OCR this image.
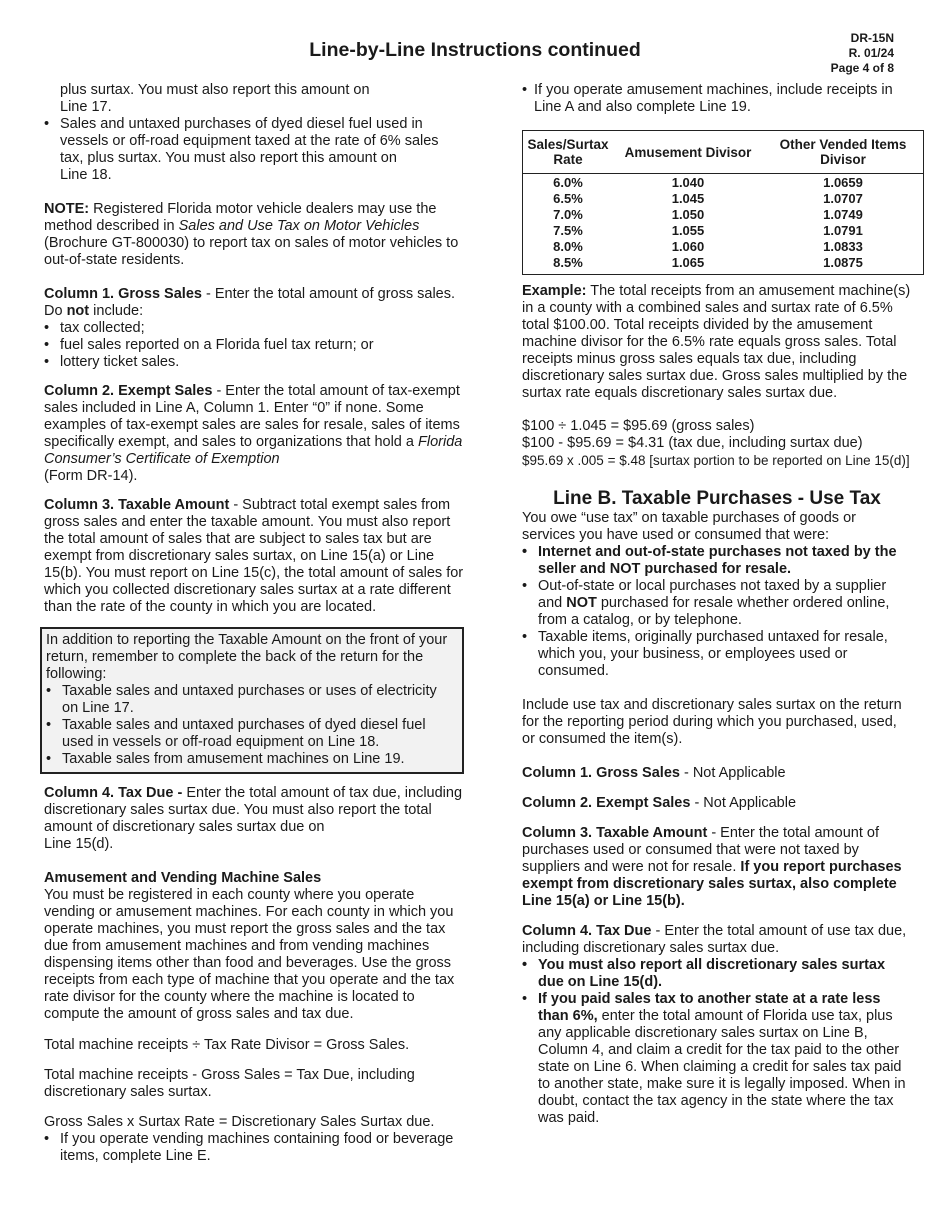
Line-by-Line Instructions continued
DR-15N
R. 01/24
Page 4 of 8
plus surtax. You must also report this amount on
Line 17.
• Sales and untaxed purchases of dyed diesel fuel used in vessels or off-road equipment taxed at the rate of 6% sales tax, plus surtax. You must also report this amount on
Line 18.

NOTE: Registered Florida motor vehicle dealers may use the method described in Sales and Use Tax on Motor Vehicles (Brochure GT-800030) to report tax on sales of motor vehicles to out-of-state residents.

Column 1. Gross Sales - Enter the total amount of gross sales. Do not include:

• tax collected;
• fuel sales reported on a Florida fuel tax return; or
• lottery ticket sales.

Column 2. Exempt Sales - Enter the total amount of tax-exempt sales included in Line A, Column 1. Enter “0” if none. Some examples of tax-exempt sales are sales for resale, sales of items specifically exempt, and sales to organizations that hold a Florida Consumer’s Certificate of Exemption
(Form DR-14).

Column 3. Taxable Amount - Subtract total exempt sales from gross sales and enter the taxable amount. You must also report the total amount of sales that are subject to sales tax but are exempt from discretionary sales surtax, on Line 15(a) or Line 15(b). You must report on Line 15(c), the total amount of sales for which you collected discretionary sales surtax at a rate different than the rate of the county in which you are located.

In addition to reporting the Taxable Amount on the front of your return, remember to complete the back of the return for the following:

• Taxable sales and untaxed purchases or uses of electricity on Line 17.
• Taxable sales and untaxed purchases of dyed diesel fuel used in vessels or off-road equipment on Line 18.
• Taxable sales from amusement machines on Line 19.

Column 4. Tax Due - Enter the total amount of tax due, including discretionary sales surtax due. You must also report the total amount of discretionary sales surtax due on
Line 15(d).

Amusement and Vending Machine Sales

You must be registered in each county where you operate vending or amusement machines. For each county in which you operate machines, you must report the gross sales and the tax due from amusement machines and from vending machines dispensing items other than food and beverages. Use the gross receipts from each type of machine that you operate and the tax rate divisor for the county where the machine is located to compute the amount of gross sales and tax due.

Total machine receipts ÷ Tax Rate Divisor = Gross Sales.

Total machine receipts - Gross Sales = Tax Due, including discretionary sales surtax.

Gross Sales x Surtax Rate = Discretionary Sales Surtax due.

• If you operate vending machines containing food or beverage items, complete Line E.
• If you operate amusement machines, include receipts in Line A and also complete Line 19.
Sales/Surtax Rate	Amusement Divisor	Other Vended Items Divisor
6.0%	1.040	1.0659
6.5%	1.045	1.0707
7.0%	1.050	1.0749
7.5%	1.055	1.0791
8.0%	1.060	1.0833
8.5%	1.065	1.0875

Example: The total receipts from an amusement machine(s) in a county with a combined sales and surtax rate of 6.5% total $100.00. Total receipts divided by the amusement machine divisor for the 6.5% rate equals gross sales. Total receipts minus gross sales equals tax due, including discretionary sales surtax due. Gross sales multiplied by the surtax rate equals discretionary sales surtax due.

$100 ÷ 1.045 = $95.69 (gross sales)

$100 - $95.69 = $4.31 (tax due, including surtax due)

$95.69 x .005 = $.48 [surtax portion to be reported on Line 15(d)]

Line B. Taxable Purchases - Use Tax

You owe “use tax” on taxable purchases of goods or services you have used or consumed that were:

• Internet and out-of-state purchases not taxed by the seller and NOT purchased for resale.
• Out-of-state or local purchases not taxed by a supplier and NOT purchased for resale whether ordered online, from a catalog, or by telephone.
• Taxable items, originally purchased untaxed for resale, which you, your business, or employees used or consumed.

Include use tax and discretionary sales surtax on the return for the reporting period during which you purchased, used, or consumed the item(s).

Column 1. Gross Sales - Not Applicable

Column 2. Exempt Sales - Not Applicable

Column 3. Taxable Amount - Enter the total amount of purchases used or consumed that were not taxed by suppliers and were not for resale. If you report purchases exempt from discretionary sales surtax, also complete Line 15(a) or Line 15(b).

Column 4. Tax Due - Enter the total amount of use tax due, including discretionary sales surtax due.

• You must also report all discretionary sales surtax due on Line 15(d).
• If you paid sales tax to another state at a rate less than 6%, enter the total amount of Florida use tax, plus any applicable discretionary sales surtax on Line B, Column 4, and claim a credit for the tax paid to the other state on Line 6. When claiming a credit for sales tax paid to another state, make sure it is legally imposed. When in doubt, contact the tax agency in the state where the tax was paid.
